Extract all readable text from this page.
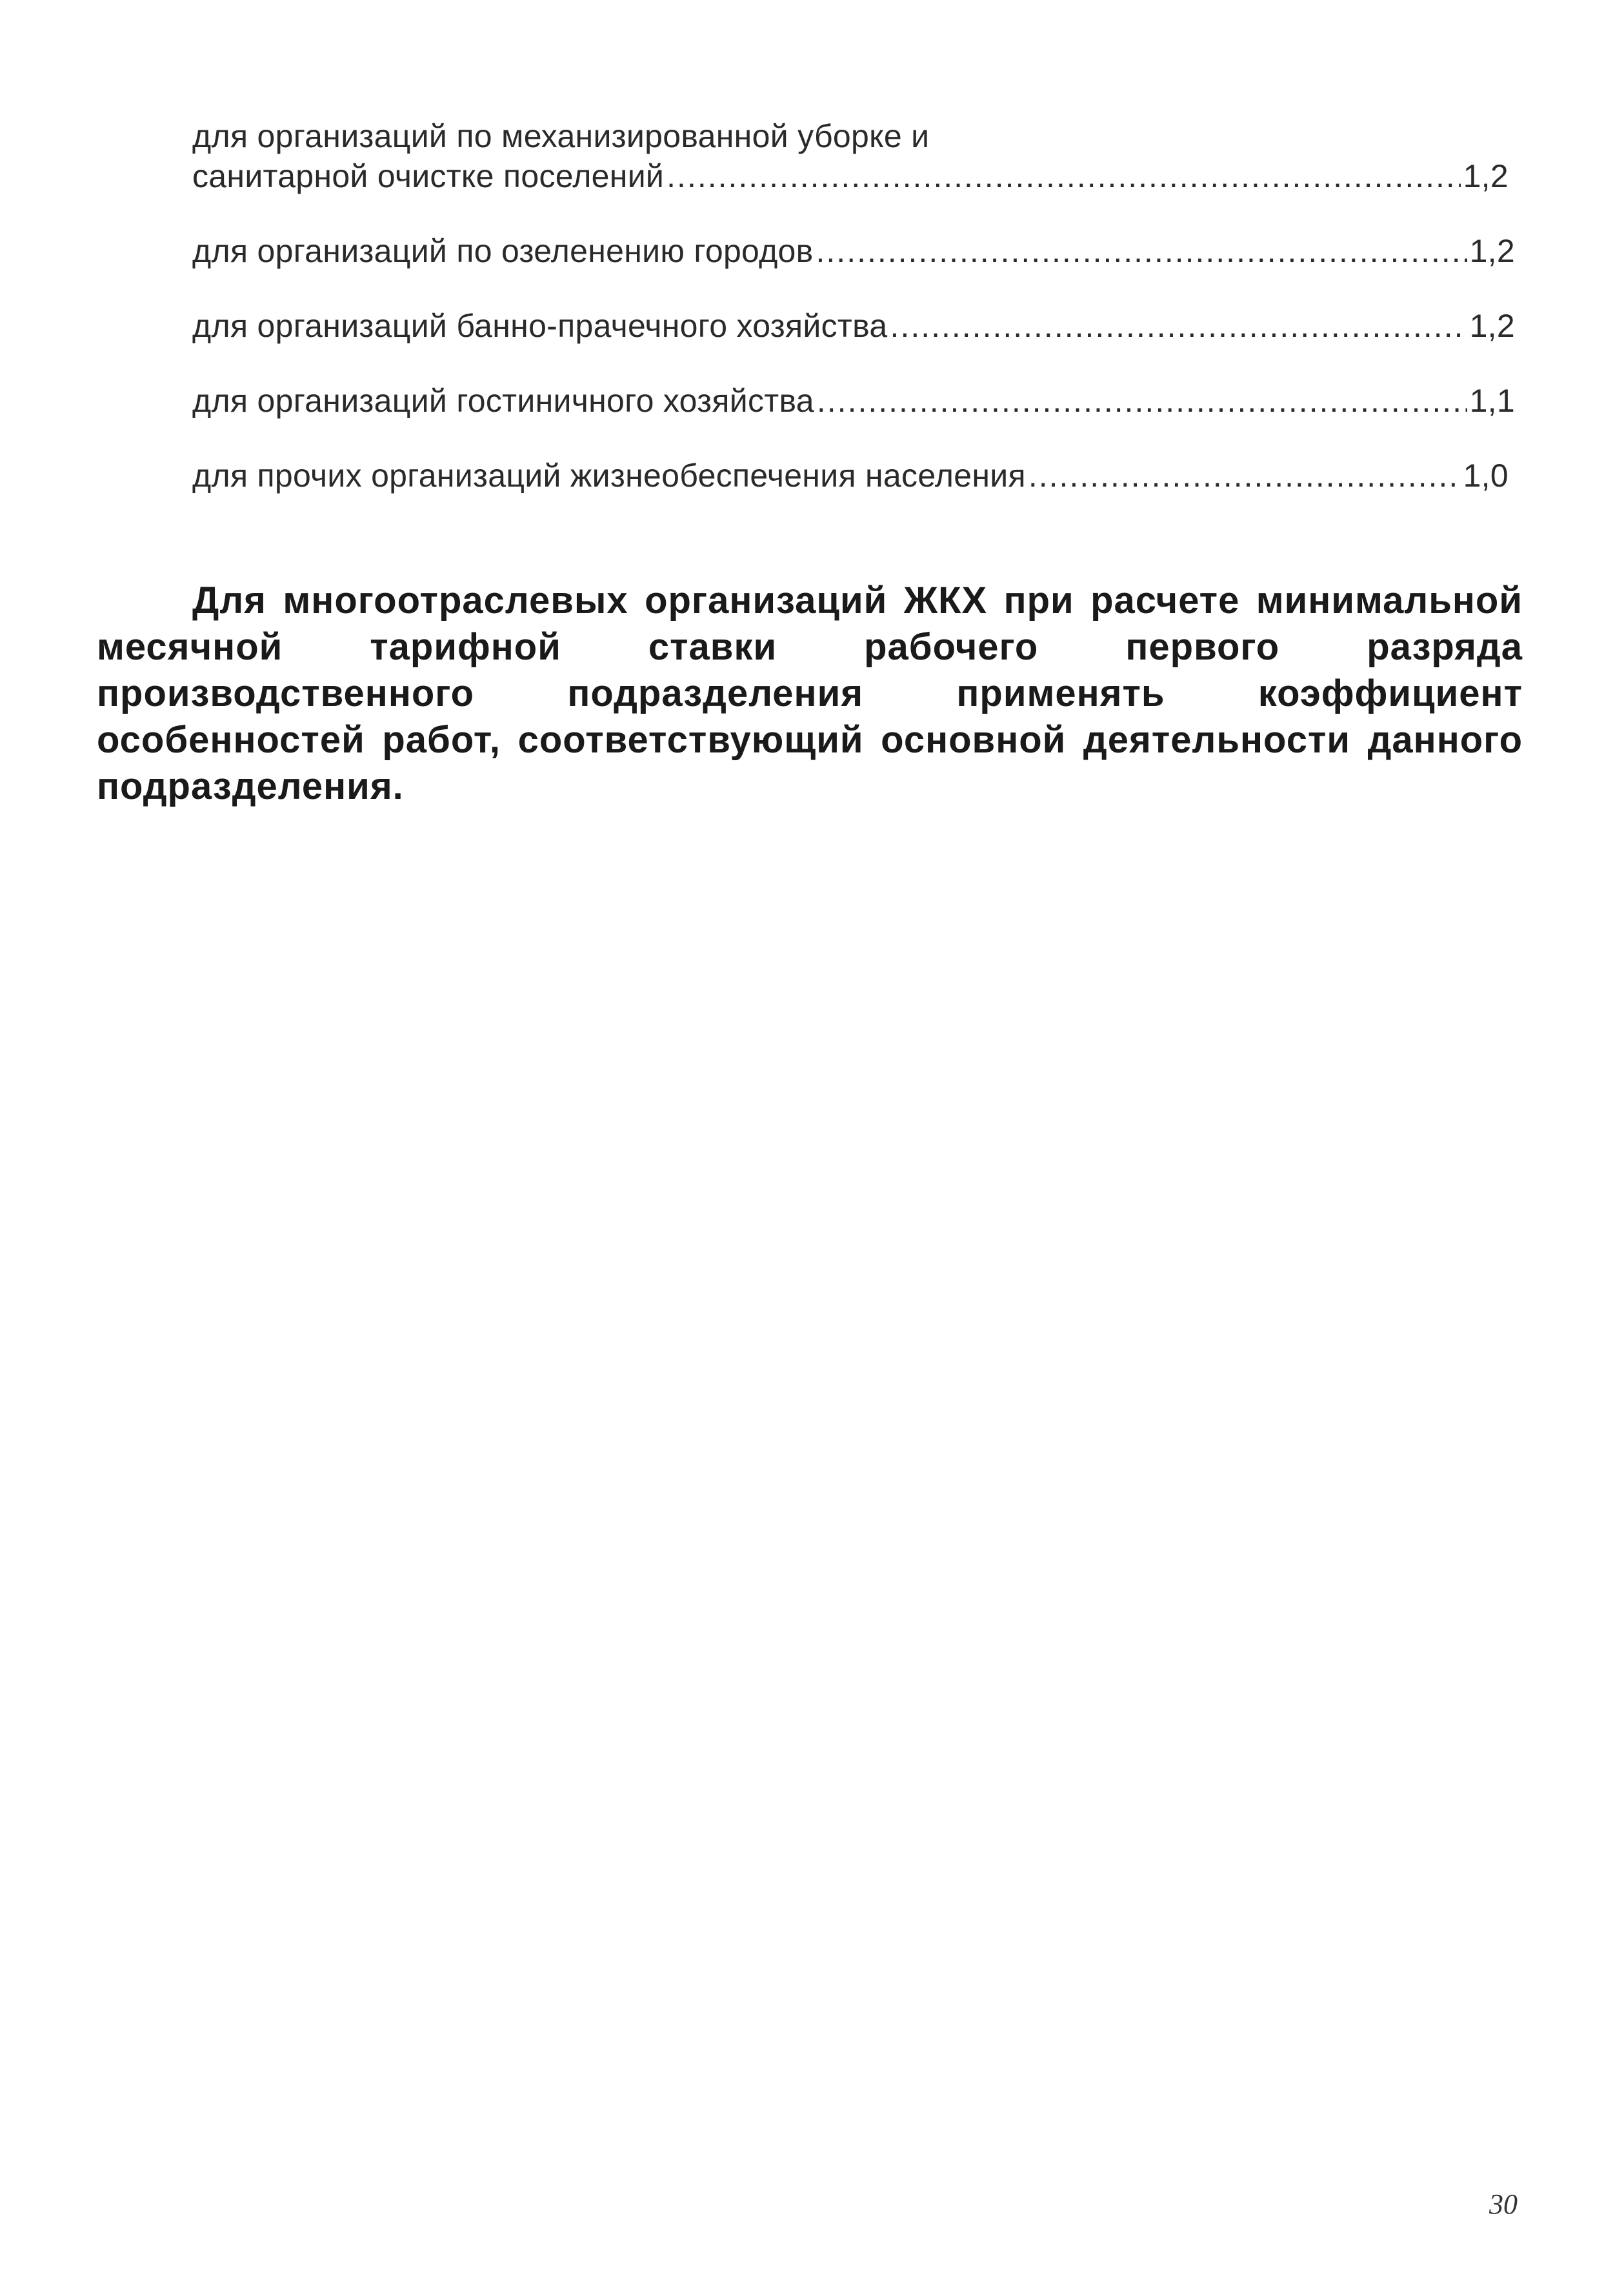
для организаций по механизированной уборке и
санитарной очистке поселений .....	1,2
для организаций по озеленению городов .....	1,2
для организаций банно-прачечного хозяйства .....	1,2
для организаций гостиничного хозяйства .....	1,1
для прочих организаций жизнеобеспечения населения .....	1,0

Для многоотраслевых организаций ЖКХ при расчете минимальной месячной тарифной ставки рабочего первого разряда производственного подразделения применять коэффициент особенностей работ, соответствующий основной деятельности данного подразделения.

30
